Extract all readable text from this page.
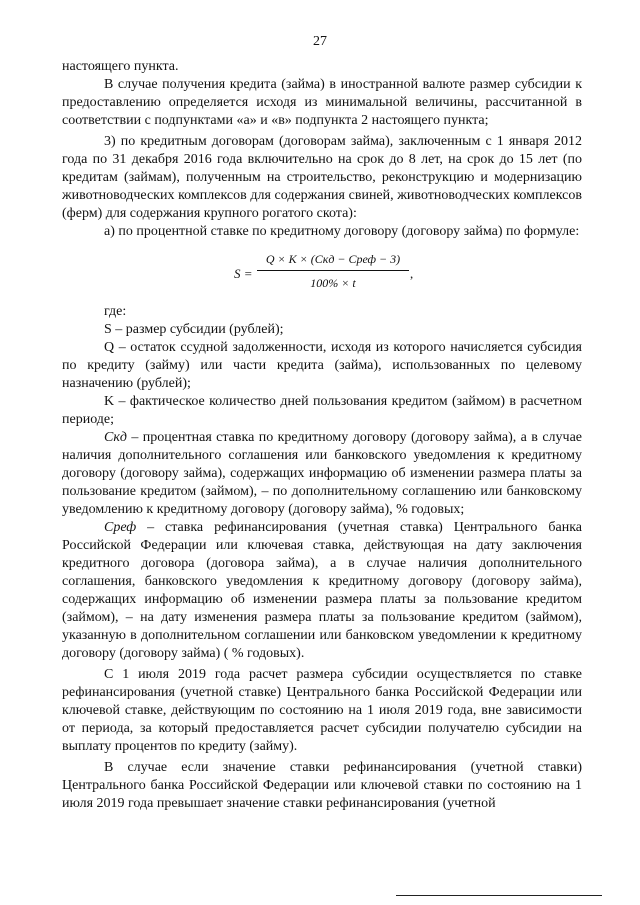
27

настоящего пункта.

В случае получения кредита (займа) в иностранной валюте размер субсидии к предоставлению определяется исходя из минимальной величины, рассчитанной в соответствии с подпунктами «а» и «в» подпункта 2 настоящего пункта;

3) по кредитным договорам (договорам займа), заключенным с 1 января 2012 года по 31 декабря 2016 года включительно на срок до 8 лет, на срок до 15 лет (по кредитам (займам), полученным на строительство, реконструкцию и модернизацию животноводческих комплексов для содержания свиней, животноводческих комплексов (ферм) для содержания крупного рогатого скота):

а) по процентной ставке по кредитному договору (договору займа) по формуле:

S =
Q × K × (Скд − Среф − 3)
100% × t
,

где:

S – размер субсидии (рублей);

Q – остаток ссудной задолженности, исходя из которого начисляется субсидия по кредиту (займу) или части кредита (займа), использованных по целевому назначению (рублей);

K – фактическое количество дней пользования кредитом (займом) в расчетном периоде;

Скд – процентная ставка по кредитному договору (договору займа), а в случае наличия дополнительного соглашения или банковского уведомления к кредитному договору (договору займа), содержащих информацию об изменении размера платы за пользование кредитом (займом), – по дополнительному соглашению или банковскому уведомлению к кредитному договору (договору займа), % годовых;

Среф – ставка рефинансирования (учетная ставка) Центрального банка Российской Федерации или ключевая ставка, действующая на дату заключения кредитного договора (договора займа), а в случае наличия дополнительного соглашения, банковского уведомления к кредитному договору (договору займа), содержащих информацию об изменении размера платы за пользование кредитом (займом), – на дату изменения размера платы за пользование кредитом (займом), указанную в дополнительном соглашении или банковском уведомлении к кредитному договору (договору займа) ( % годовых).

С 1 июля 2019 года расчет размера субсидии осуществляется по ставке рефинансирования (учетной ставке) Центрального банка Российской Федерации или ключевой ставке, действующим по состоянию на 1 июля 2019 года, вне зависимости от периода, за который предоставляется расчет субсидии получателю субсидии на выплату процентов по кредиту (займу).

В случае если значение ставки рефинансирования (учетной ставки) Центрального банка Российской Федерации или ключевой ставки по состоянию на 1 июля 2019 года превышает значение ставки рефинансирования (учетной
